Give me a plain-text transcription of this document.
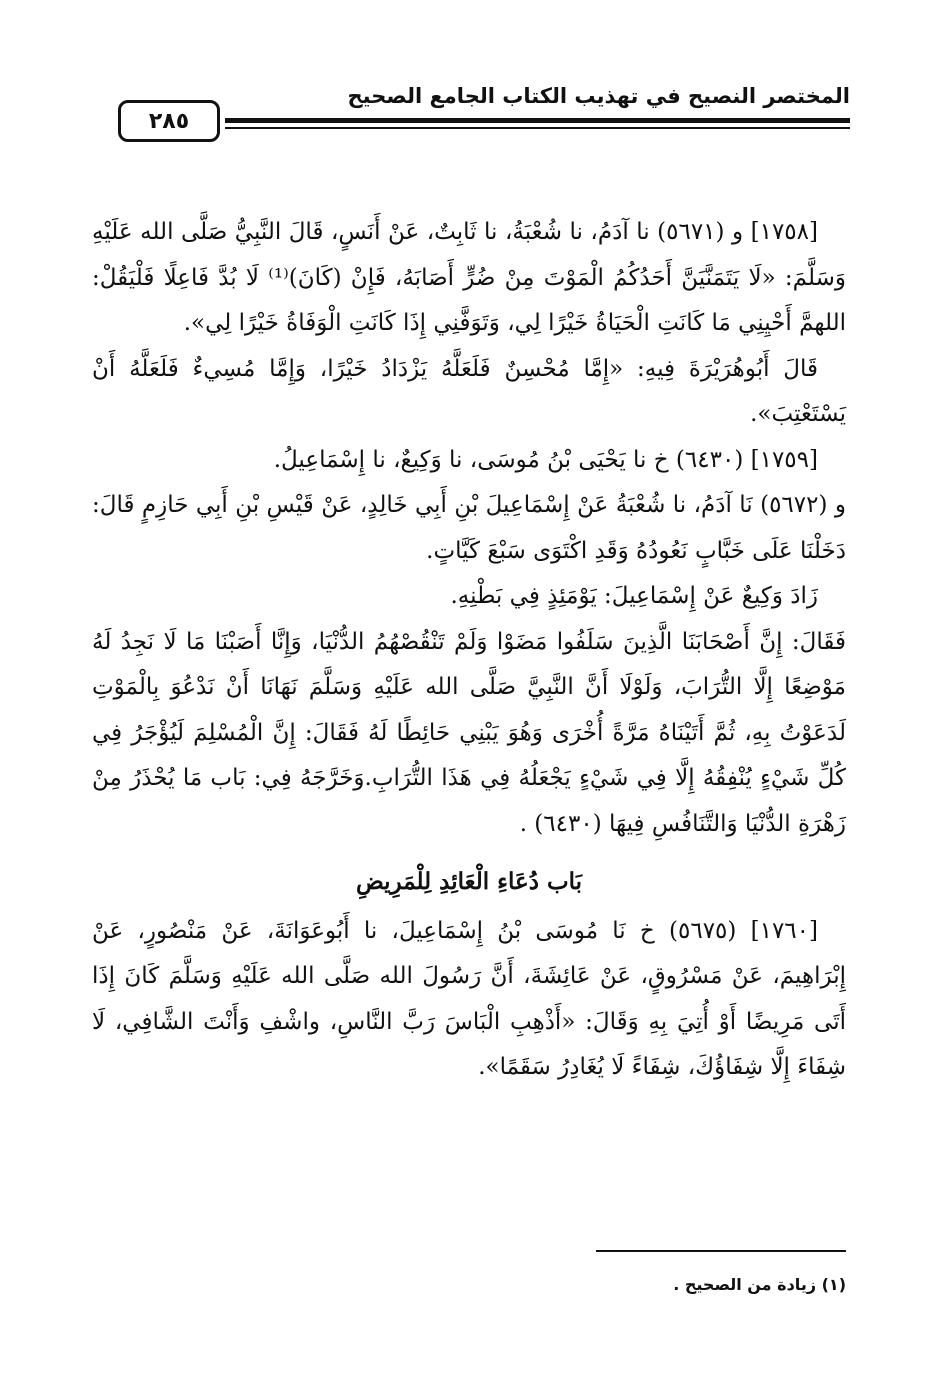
المختصر النصيح في تهذيب الكتاب الجامع الصحيح
٢٨٥

[١٧٥٨] و (٥٦٧١) نا آدَمُ، نا شُعْبَةُ، نا ثَابِتٌ، عَنْ أَنَسٍ، قَالَ النَّبِيُّ صَلَّى الله عَلَيْهِ وَسَلَّمَ: «لَا يَتَمَنَّيَنَّ أَحَدُكُمُ الْمَوْتَ مِنْ ضُرٍّ أَصَابَهُ، فَإِنْ (كَانَ)⁽¹⁾ لَا بُدَّ فَاعِلًا فَلْيَقُلْ: اللهمَّ أَحْيِنِي مَا كَانَتِ الْحَيَاةُ خَيْرًا لِي، وَتَوَفَّنِي إِذَا كَانَتِ الْوَفَاةُ خَيْرًا لِي».

قَالَ أَبُوهُرَيْرَةَ فِيهِ: «إِمَّا مُحْسِنٌ فَلَعَلَّهُ يَزْدَادُ خَيْرًا، وَإِمَّا مُسِيءٌ فَلَعَلَّهُ أَنْ يَسْتَعْتِبَ».

[١٧٥٩] (٦٤٣٠) خ نا يَحْيَى بْنُ مُوسَى، نا وَكِيعٌ، نا إِسْمَاعِيلُ.

و (٥٦٧٢) نَا آدَمُ، نا شُعْبَةُ عَنْ إِسْمَاعِيلَ بْنِ أَبِي خَالِدٍ، عَنْ قَيْسِ بْنِ أَبِي حَازِمٍ قَالَ: دَخَلْنَا عَلَى خَبَّابٍ نَعُودُهُ وَقَدِ اكْتَوَى سَبْعَ كَيَّاتٍ.

زَادَ وَكِيعٌ عَنْ إِسْمَاعِيلَ: يَوْمَئِذٍ فِي بَطْنِهِ.

فَقَالَ: إِنَّ أَصْحَابَنَا الَّذِينَ سَلَفُوا مَضَوْا وَلَمْ تَنْقُصْهُمُ الدُّنْيَا، وَإِنَّا أَصَبْنَا مَا لَا نَجِدُ لَهُ مَوْضِعًا إِلَّا التُّرَابَ، وَلَوْلَا أَنَّ النَّبِيَّ صَلَّى الله عَلَيْهِ وَسَلَّمَ نَهَانَا أَنْ نَدْعُوَ بِالْمَوْتِ لَدَعَوْتُ بِهِ، ثُمَّ أَتَيْنَاهُ مَرَّةً أُخْرَى وَهُوَ يَبْنِي حَائِطًا لَهُ فَقَالَ: إِنَّ الْمُسْلِمَ لَيُؤْجَرُ فِي كُلِّ شَيْءٍ يُنْفِقُهُ إِلَّا فِي شَيْءٍ يَجْعَلُهُ فِي هَذَا التُّرَابِ.وَخَرَّجَهُ فِي: بَاب مَا يُحْذَرُ مِنْ زَهْرَةِ الدُّنْيَا وَالتَّنَافُسِ فِيهَا (٦٤٣٠) .

بَاب دُعَاءِ الْعَائِدِ لِلْمَرِيضِ

[١٧٦٠] (٥٦٧٥) خ نَا مُوسَى بْنُ إِسْمَاعِيلَ، نا أَبُوعَوَانَةَ، عَنْ مَنْصُورٍ، عَنْ إِبْرَاهِيمَ، عَنْ مَسْرُوقٍ، عَنْ عَائِشَةَ، أَنَّ رَسُولَ الله صَلَّى الله عَلَيْهِ وَسَلَّمَ كَانَ إِذَا أَتَى مَرِيضًا أَوْ أُتِيَ بِهِ وَقَالَ: «أَذْهِبِ الْبَاسَ رَبَّ النَّاسِ، واشْفِ وَأَنْتَ الشَّافِي، لَا شِفَاءَ إِلَّا شِفَاؤُكَ، شِفَاءً لَا يُغَادِرُ سَقَمًا».

(١) زيادة من الصحيح .
